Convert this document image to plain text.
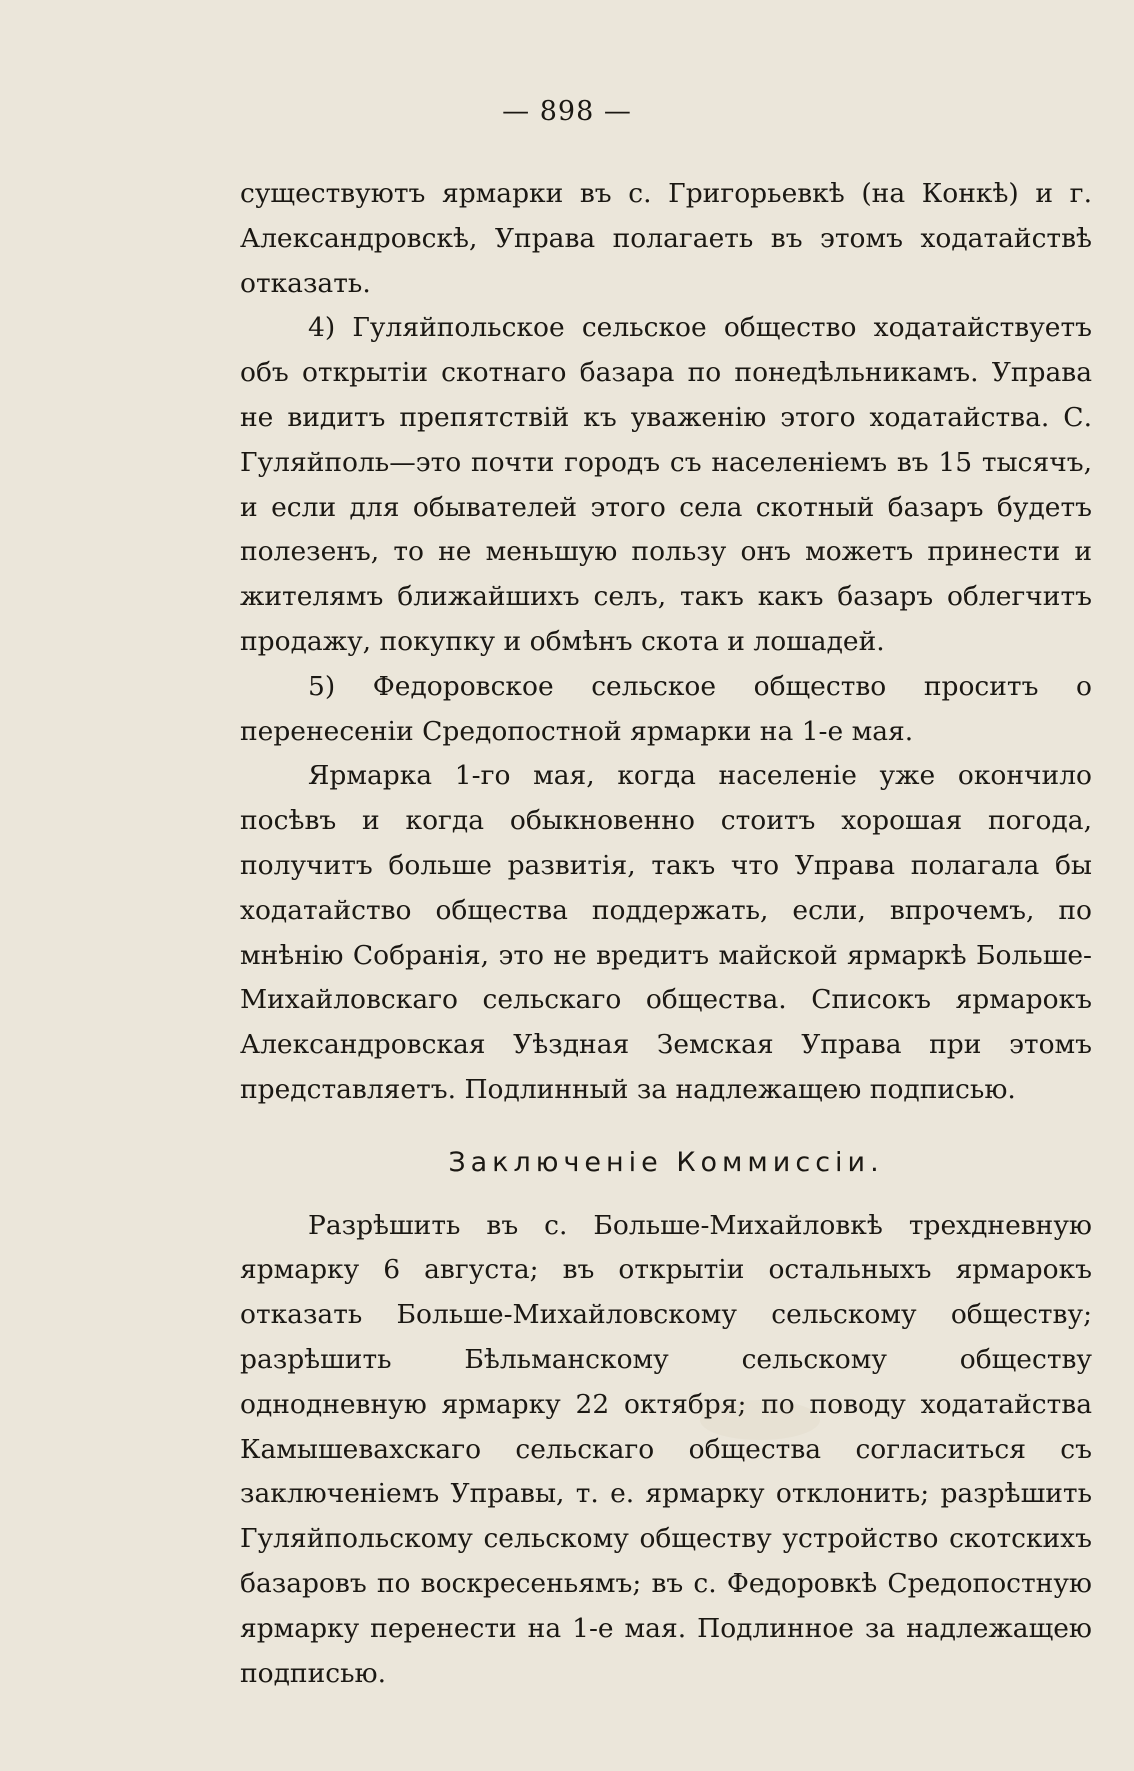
— 898 —

существуютъ ярмарки въ с. Григорьевкѣ (на Конкѣ) и г. Александровскѣ, Управа полагаеть въ этомъ ходатайствѣ отказать.

4) Гуляйпольское сельское общество ходатайствуетъ объ открытіи скотнаго базара по понедѣльникамъ. Управа не видитъ препятствій къ уваженію этого ходатайства. С. Гуляйполь—это почти городъ съ населеніемъ въ 15 тысячъ, и если для обывателей этого села скотный базаръ будетъ полезенъ, то не меньшую пользу онъ можетъ принести и жителямъ ближайшихъ селъ, такъ какъ базаръ облегчитъ продажу, покупку и обмѣнъ скота и лошадей.

5) Федоровское сельское общество проситъ о перенесеніи Средопостной ярмарки на 1-е мая.

Ярмарка 1-го мая, когда населеніе уже окончило посѣвъ и когда обыкновенно стоитъ хорошая погода, получитъ больше развитія, такъ что Управа полагала бы ходатайство общества поддержать, если, впрочемъ, по мнѣнію Собранія, это не вредитъ майской ярмаркѣ Больше-Михайловскаго сельскаго общества. Списокъ ярмарокъ Александровская Уѣздная Земская Управа при этомъ представляетъ. Подлинный за надлежащею подписью.

Заключеніе Коммиссіи.

Разрѣшить въ с. Больше-Михайловкѣ трехдневную ярмарку 6 августа; въ открытіи остальныхъ ярмарокъ отказать Больше-Михайловскому сельскому обществу; разрѣшить Бѣльманскому сельскому обществу однодневную ярмарку 22 октября; по поводу ходатайства Камышевахскаго сельскаго общества согласиться съ заключеніемъ Управы, т. е. ярмарку отклонить; разрѣшить Гуляйпольскому сельскому обществу устройство скотскихъ базаровъ по воскресеньямъ; въ с. Федоровкѣ Средопостную ярмарку перенести на 1-е мая. Подлинное за надлежащею подписью.
